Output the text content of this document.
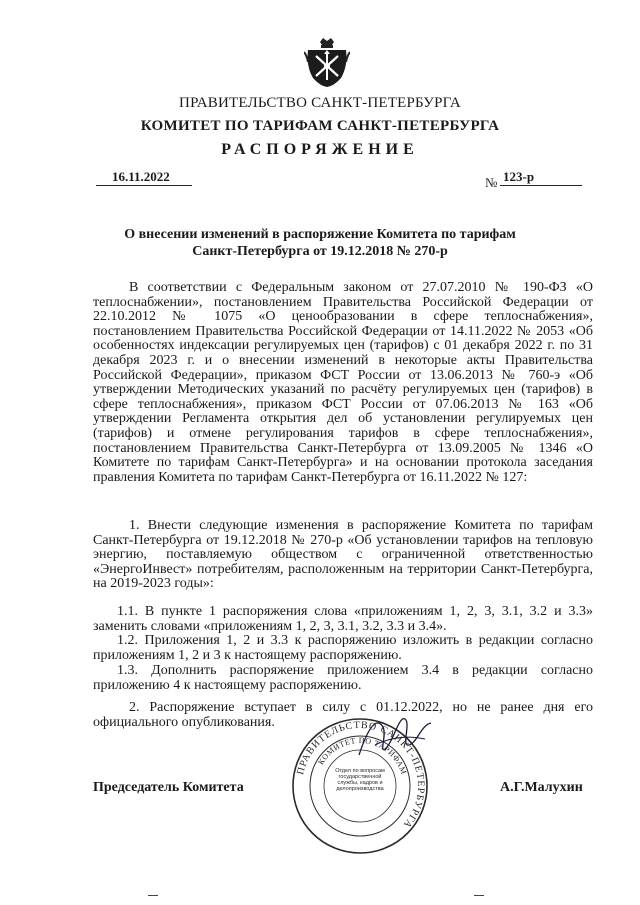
ПРАВИТЕЛЬСТВО САНКТ-ПЕТЕРБУРГА
КОМИТЕТ ПО ТАРИФАМ САНКТ-ПЕТЕРБУРГА
РАСПОРЯЖЕНИЕ
16.11.2022	№ 123-р
О внесении изменений в распоряжение Комитета по тарифам
Санкт-Петербурга от 19.12.2018 № 270-р
В соответствии с Федеральным законом от 27.07.2010 № 190-ФЗ «О теплоснабжении», постановлением Правительства Российской Федерации от 22.10.2012 № 1075 «О ценообразовании в сфере теплоснабжения», постановлением Правительства Российской Федерации от 14.11.2022 № 2053 «Об особенностях индексации регулируемых цен (тарифов) с 01 декабря 2022 г. по 31 декабря 2023 г. и о внесении изменений в некоторые акты Правительства Российской Федерации», приказом ФСТ России от 13.06.2013 № 760-э «Об утверждении Методических указаний по расчёту регулируемых цен (тарифов) в сфере теплоснабжения», приказом ФСТ России от 07.06.2013 № 163 «Об утверждении Регламента открытия дел об установлении регулируемых цен (тарифов) и отмене регулирования тарифов в сфере теплоснабжения», постановлением Правительства Санкт-Петербурга от 13.09.2005 № 1346 «О Комитете по тарифам Санкт-Петербурга» и на основании протокола заседания правления Комитета по тарифам Санкт-Петербурга от 16.11.2022 № 127:
1. Внести следующие изменения в распоряжение Комитета по тарифам Санкт-Петербурга от 19.12.2018 № 270-р «Об установлении тарифов на тепловую энергию, поставляемую обществом с ограниченной ответственностью «ЭнергоИнвест» потребителям, расположенным на территории Санкт-Петербурга, на 2019-2023 годы»:
1.1. В пункте 1 распоряжения слова «приложениям 1, 2, 3, 3.1, 3.2 и 3.3» заменить словами «приложениям 1, 2, 3, 3.1, 3.2, 3.3 и 3.4».
1.2. Приложения 1, 2 и 3.3 к распоряжению изложить в редакции согласно приложениям 1, 2 и 3 к настоящему распоряжению.
1.3. Дополнить распоряжение приложением 3.4 в редакции согласно приложению 4 к настоящему распоряжению.
2. Распоряжение вступает в силу с 01.12.2022, но не ранее дня его официального опубликования.
Председатель Комитета	А.Г.Малухин
ПРАВИТЕЛЬСТВО САНКТ-ПЕТЕРБУРГА
КОМИТЕТ ПО ТАРИФАМ
Отдел по вопросам государственной службы, кадров и делопроизводства
